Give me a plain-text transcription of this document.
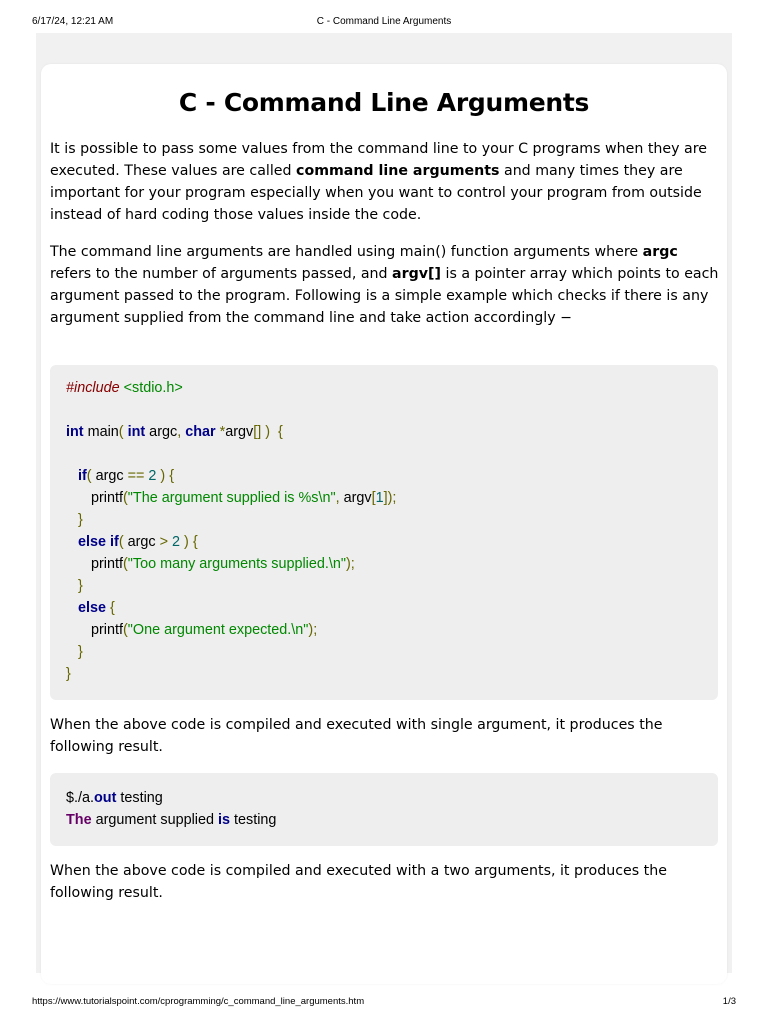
6/17/24, 12:21 AM	C - Command Line Arguments
C - Command Line Arguments

It is possible to pass some values from the command line to your C programs when they are executed. These values are called command line arguments and many times they are important for your program especially when you want to control your program from outside instead of hard coding those values inside the code.

The command line arguments are handled using main() function arguments where argc refers to the number of arguments passed, and argv[] is a pointer array which points to each argument passed to the program. Following is a simple example which checks if there is any argument supplied from the command line and take action accordingly −

#include <stdio.h>
int main( int argc, char *argv[] ) {
if( argc == 2 ) {
printf("The argument supplied is %s\n", argv[1]);
}
else if( argc > 2 ) {
printf("Too many arguments supplied.\n");
}
else {
printf("One argument expected.\n");
}
}

When the above code is compiled and executed with single argument, it produces the following result.

$./a.out testing
The argument supplied is testing

When the above code is compiled and executed with a two arguments, it produces the following result.

https://www.tutorialspoint.com/cprogramming/c_command_line_arguments.htm	1/3
